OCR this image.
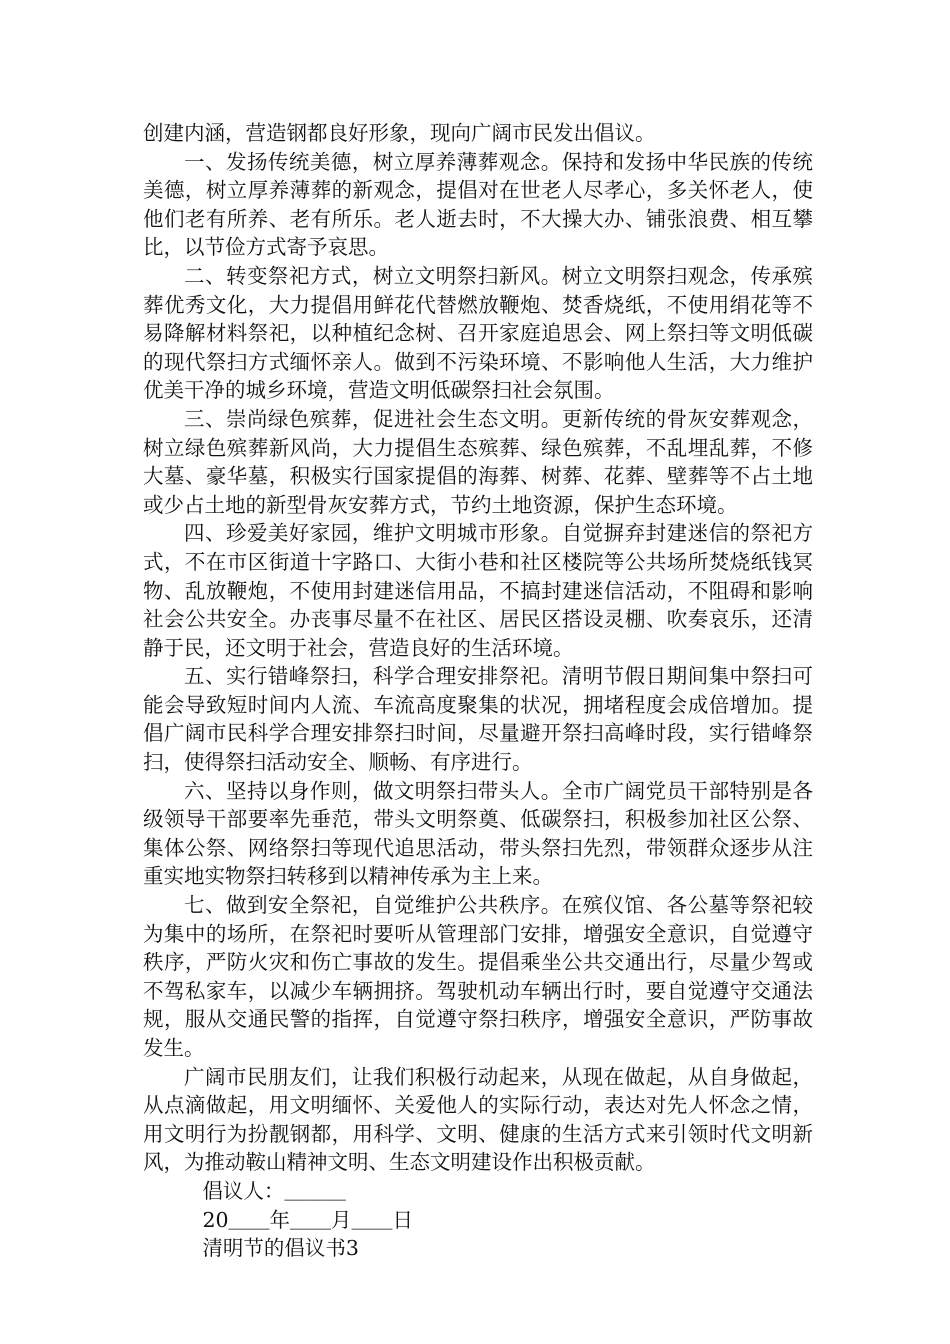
创建内涵，营造钢都良好形象，现向广阔市民发出倡议。

一、发扬传统美德，树立厚养薄葬观念。保持和发扬中华民族的传统美德，树立厚养薄葬的新观念，提倡对在世老人尽孝心，多关怀老人，使他们老有所养、老有所乐。老人逝去时，不大操大办、铺张浪费、相互攀比，以节俭方式寄予哀思。

二、转变祭祀方式，树立文明祭扫新风。树立文明祭扫观念，传承殡葬优秀文化，大力提倡用鲜花代替燃放鞭炮、焚香烧纸，不使用绢花等不易降解材料祭祀，以种植纪念树、召开家庭追思会、网上祭扫等文明低碳的现代祭扫方式缅怀亲人。做到不污染环境、不影响他人生活，大力维护优美干净的城乡环境，营造文明低碳祭扫社会氛围。

三、崇尚绿色殡葬，促进社会生态文明。更新传统的骨灰安葬观念，树立绿色殡葬新风尚，大力提倡生态殡葬、绿色殡葬，不乱埋乱葬，不修大墓、豪华墓，积极实行国家提倡的海葬、树葬、花葬、壁葬等不占土地或少占土地的新型骨灰安葬方式，节约土地资源，保护生态环境。

四、珍爱美好家园，维护文明城市形象。自觉摒弃封建迷信的祭祀方式，不在市区街道十字路口、大街小巷和社区楼院等公共场所焚烧纸钱冥物、乱放鞭炮，不使用封建迷信用品，不搞封建迷信活动，不阻碍和影响社会公共安全。办丧事尽量不在社区、居民区搭设灵棚、吹奏哀乐，还清静于民，还文明于社会，营造良好的生活环境。

五、实行错峰祭扫，科学合理安排祭祀。清明节假日期间集中祭扫可能会导致短时间内人流、车流高度聚集的状况，拥堵程度会成倍增加。提倡广阔市民科学合理安排祭扫时间，尽量避开祭扫高峰时段，实行错峰祭扫，使得祭扫活动安全、顺畅、有序进行。

六、坚持以身作则，做文明祭扫带头人。全市广阔党员干部特别是各级领导干部要率先垂范，带头文明祭奠、低碳祭扫，积极参加社区公祭、集体公祭、网络祭扫等现代追思活动，带头祭扫先烈，带领群众逐步从注重实地实物祭扫转移到以精神传承为主上来。

七、做到安全祭祀，自觉维护公共秩序。在殡仪馆、各公墓等祭祀较为集中的场所，在祭祀时要听从管理部门安排，增强安全意识，自觉遵守秩序，严防火灾和伤亡事故的发生。提倡乘坐公共交通出行，尽量少驾或不驾私家车，以减少车辆拥挤。驾驶机动车辆出行时，要自觉遵守交通法规，服从交通民警的指挥，自觉遵守祭扫秩序，增强安全意识，严防事故发生。

广阔市民朋友们，让我们积极行动起来，从现在做起，从自身做起，从点滴做起，用文明缅怀、关爱他人的实际行动，表达对先人怀念之情，用文明行为扮靓钢都，用科学、文明、健康的生活方式来引领时代文明新风，为推动鞍山精神文明、生态文明建设作出积极贡献。

倡议人：＿＿＿

20＿＿年＿＿月＿＿日

清明节的倡议书3
